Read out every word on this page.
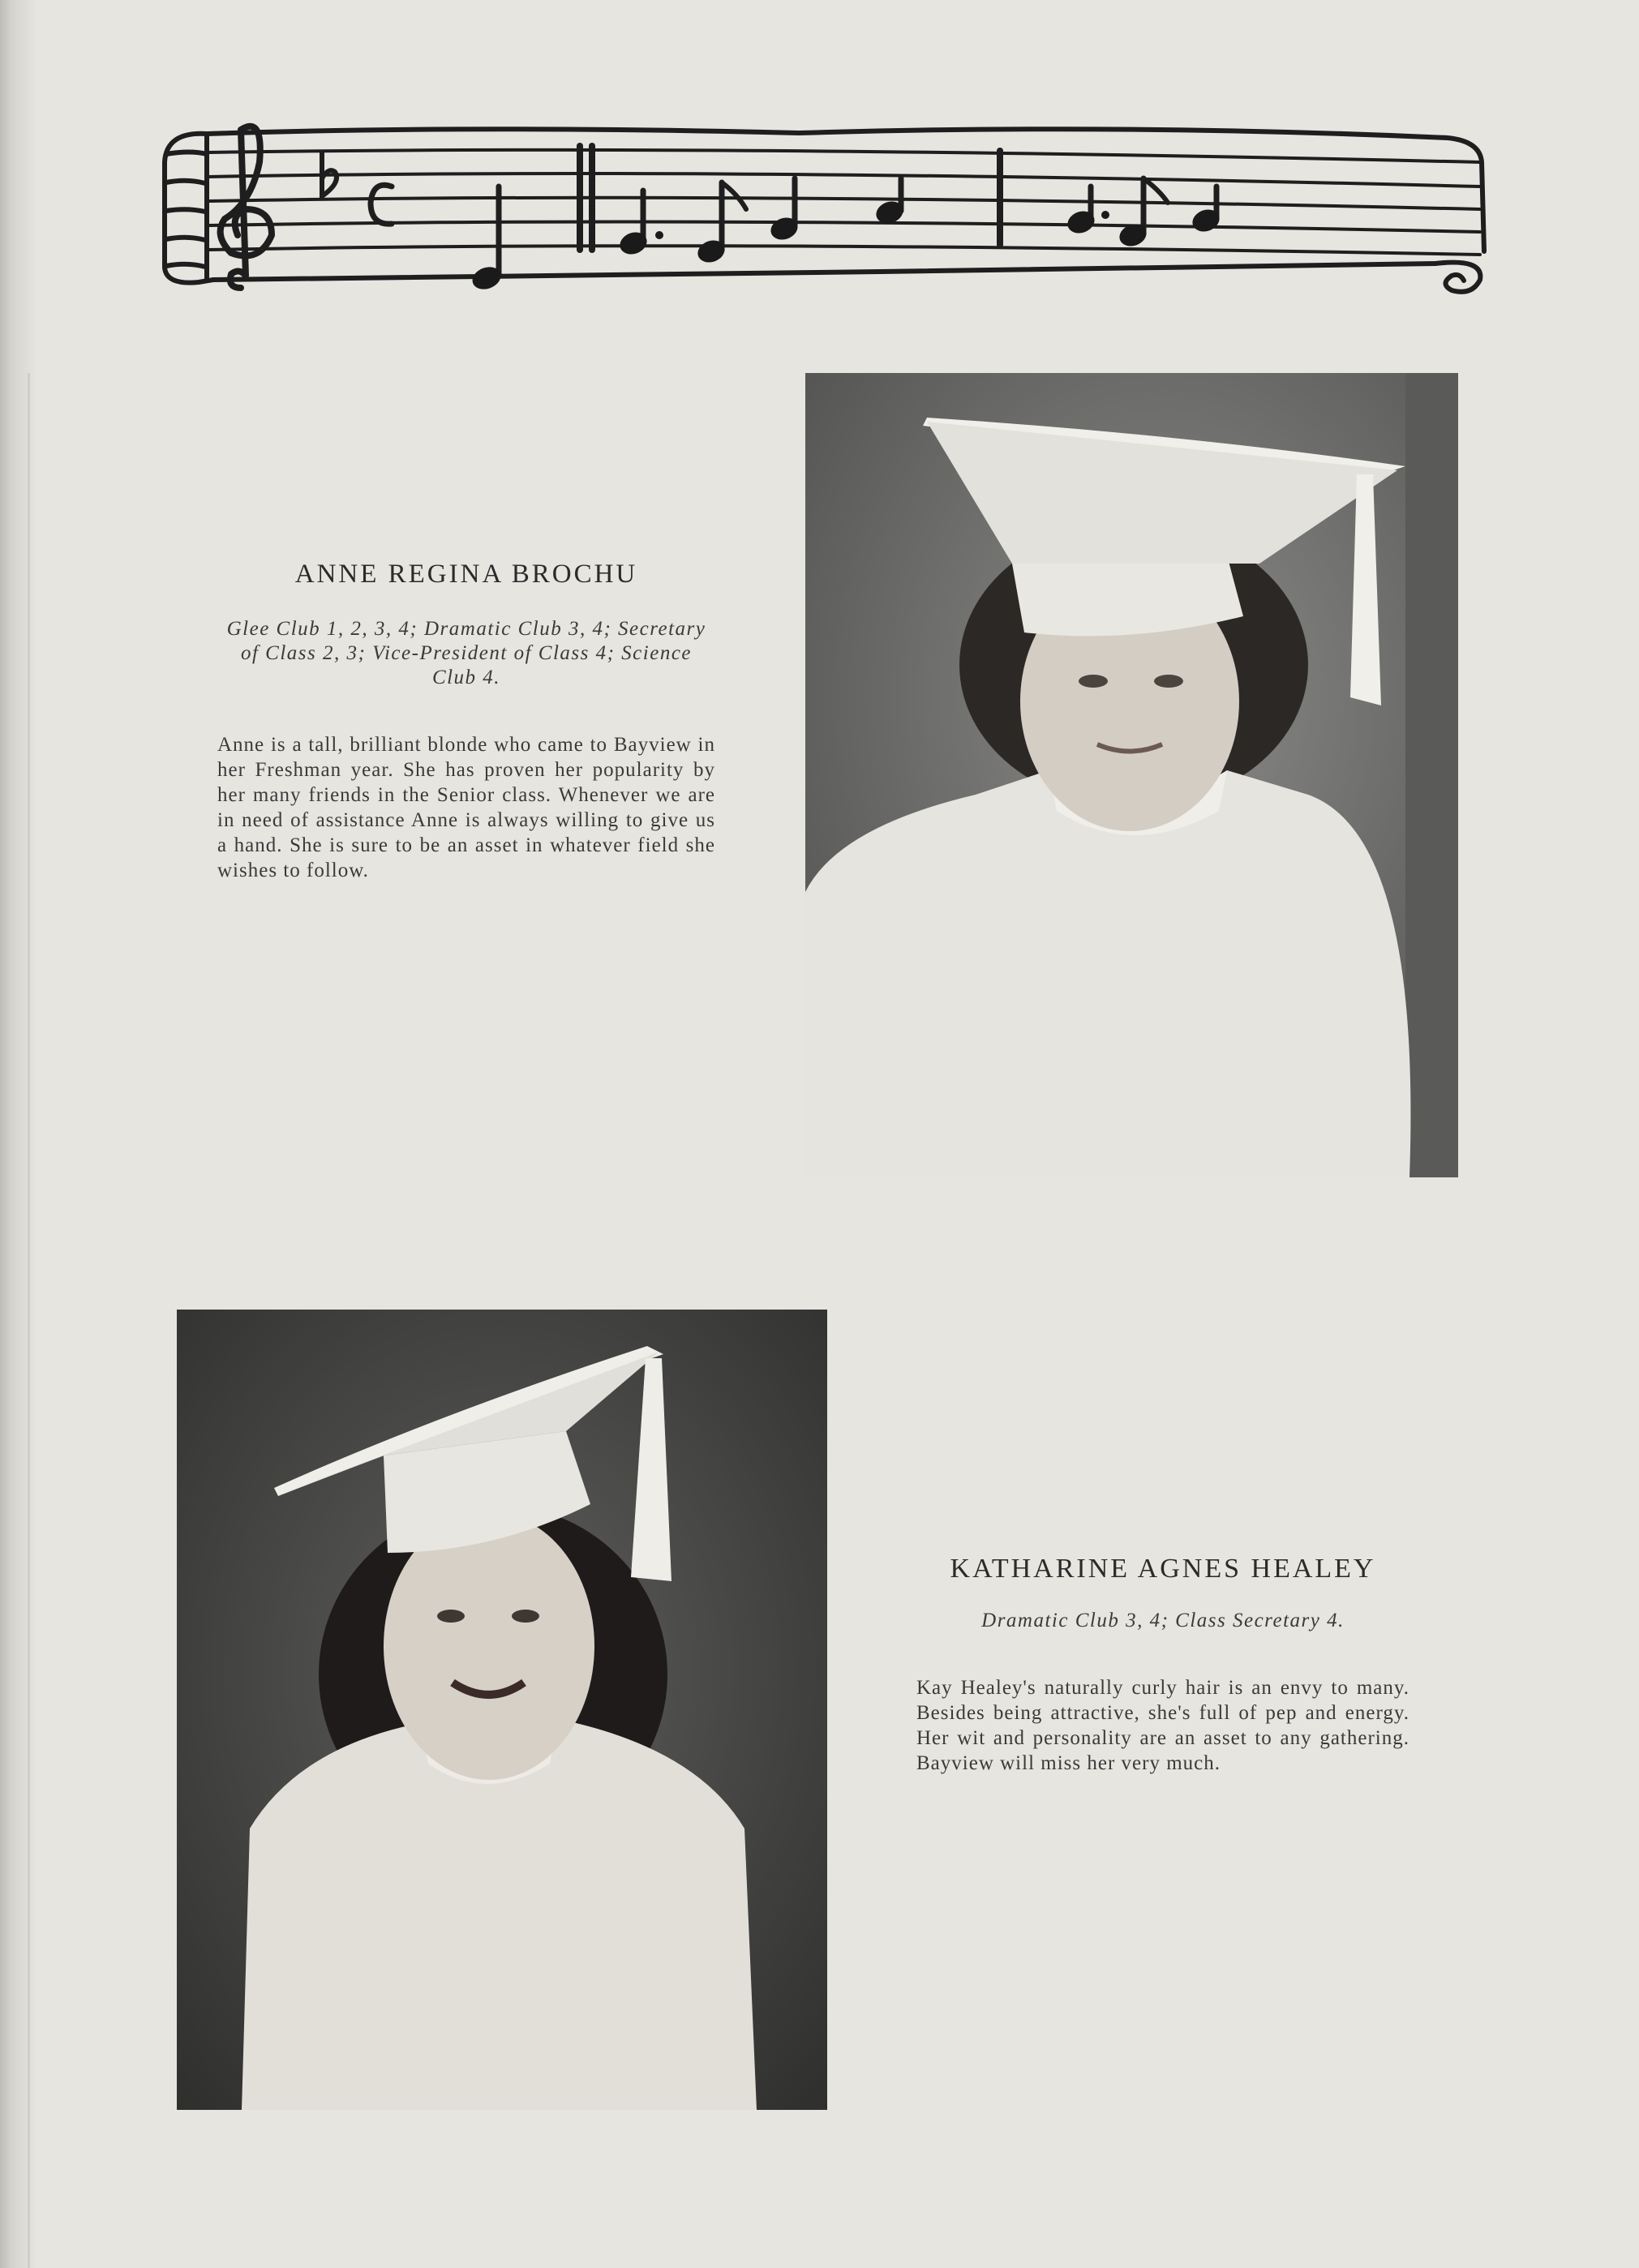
ANNE REGINA BROCHU

Glee Club 1, 2, 3, 4; Dramatic Club 3, 4; Secretary of Class 2, 3; Vice-President of Class 4; Science Club 4.

Anne is a tall, brilliant blonde who came to Bayview in her Freshman year. She has proven her popularity by her many friends in the Senior class. Whenever we are in need of assistance Anne is always willing to give us a hand. She is sure to be an asset in whatever field she wishes to follow.

KATHARINE AGNES HEALEY

Dramatic Club 3, 4; Class Secretary 4.

Kay Healey's naturally curly hair is an envy to many. Besides being attractive, she's full of pep and energy. Her wit and personality are an asset to any gathering. Bayview will miss her very much.
